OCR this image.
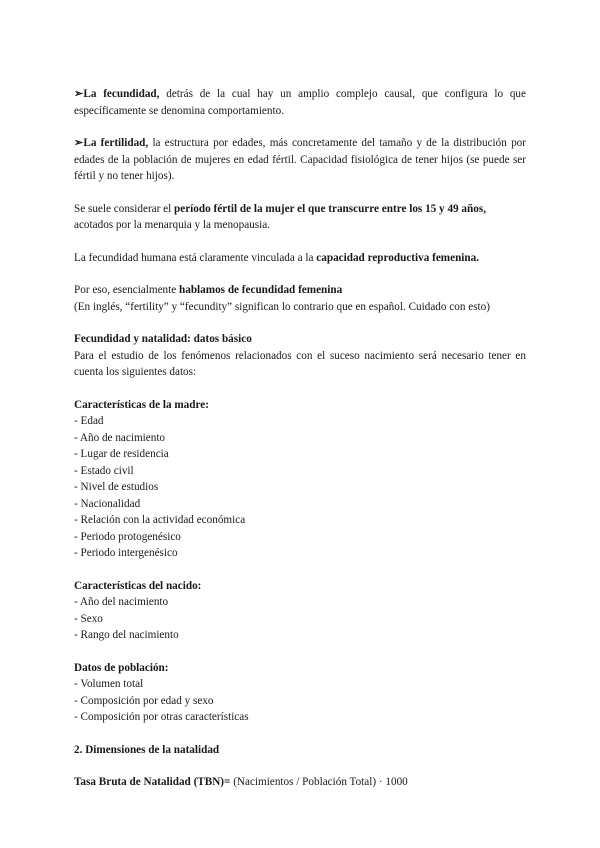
➢La fecundidad, detrás de la cual hay un amplio complejo causal, que configura lo que específicamente se denomina comportamiento.

➢La fertilidad, la estructura por edades, más concretamente del tamaño y de la distribución por edades de la población de mujeres en edad fértil. Capacidad fisiológica de tener hijos (se puede ser fértil y no tener hijos).

Se suele considerar el período fértil de la mujer el que transcurre entre los 15 y 49 años, acotados por la menarquia y la menopausia.

La fecundidad humana está claramente vinculada a la capacidad reproductiva femenina.

Por eso, esencialmente hablamos de fecundidad femenina

(En inglés, “fertility” y “fecundity” significan lo contrario que en español. Cuidado con esto)

Fecundidad y natalidad: datos básico

Para el estudio de los fenómenos relacionados con el suceso nacimiento será necesario tener en cuenta los siguientes datos:

Características de la madre:

- Edad

- Año de nacimiento

- Lugar de residencia

- Estado civil

- Nivel de estudios

- Nacionalidad

- Relación con la actividad económica

- Periodo protogenésico

- Periodo intergenésico

Características del nacido:

- Año del nacimiento

- Sexo

- Rango del nacimiento

Datos de población:

- Volumen total

- Composición por edad y sexo

- Composición por otras características

2. Dimensiones de la natalidad

Tasa Bruta de Natalidad (TBN)= (Nacimientos / Población Total) · 1000
